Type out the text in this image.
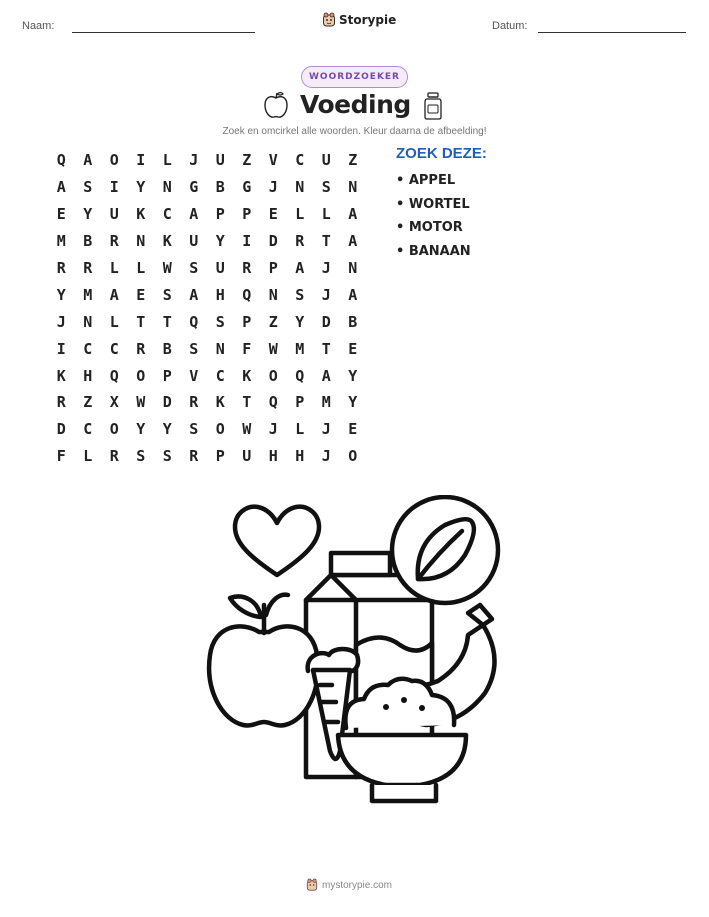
Naam:	Storypie	Datum:
WOORDZOEKER
Voeding
Zoek en omcirkel alle woorden. Kleur daarna de afbeelding!
Q	A	O	I	L	J	U	Z	V	C	U	Z
A	S	I	Y	N	G	B	G	J	N	S	N
E	Y	U	K	C	A	P	P	E	L	L	A
M	B	R	N	K	U	Y	I	D	R	T	A
R	R	L	L	W	S	U	R	P	A	J	N
Y	M	A	E	S	A	H	Q	N	S	J	A
J	N	L	T	T	Q	S	P	Z	Y	D	B
I	C	C	R	B	S	N	F	W	M	T	E
K	H	Q	O	P	V	C	K	O	Q	A	Y
R	Z	X	W	D	R	K	T	Q	P	M	Y
D	C	O	Y	Y	S	O	W	J	L	J	E
F	L	R	S	S	R	P	U	H	H	J	O
ZOEK DEZE:
• APPEL
• WORTEL
• MOTOR
• BANAAN
mystorypie.com
